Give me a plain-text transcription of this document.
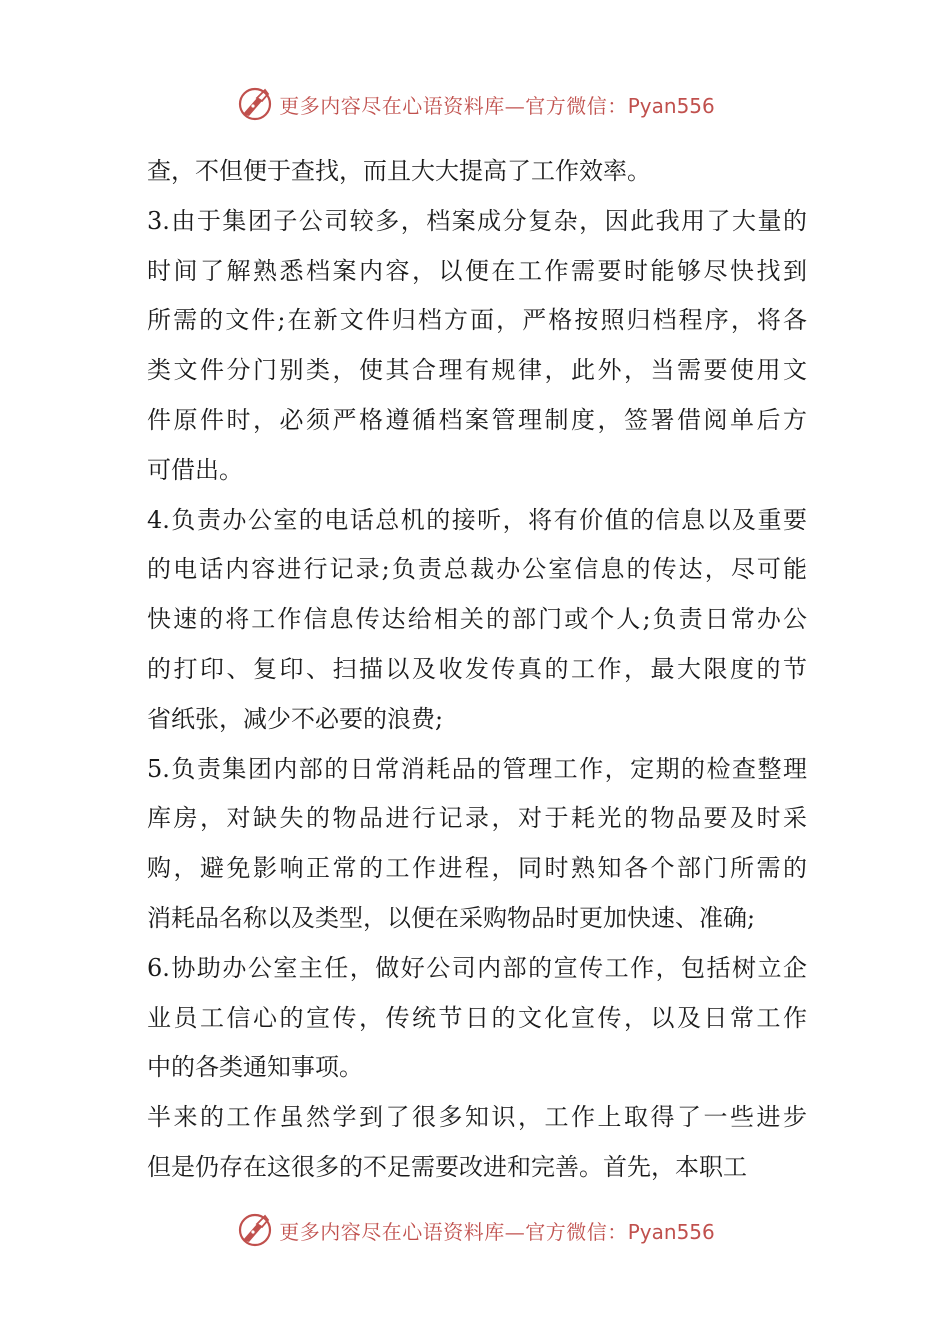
更多内容尽在心语资料库—官方微信：Pyan556
查，不但便于查找，而且大大提高了工作效率。
3.由于集团子公司较多，档案成分复杂，因此我用了大量的
时间了解熟悉档案内容，以便在工作需要时能够尽快找到
所需的文件;在新文件归档方面，严格按照归档程序，将各
类文件分门别类，使其合理有规律，此外，当需要使用文
件原件时，必须严格遵循档案管理制度，签署借阅单后方
可借出。
4.负责办公室的电话总机的接听，将有价值的信息以及重要
的电话内容进行记录;负责总裁办公室信息的传达，尽可能
快速的将工作信息传达给相关的部门或个人;负责日常办公
的打印、复印、扫描以及收发传真的工作，最大限度的节
省纸张，减少不必要的浪费;
5.负责集团内部的日常消耗品的管理工作，定期的检查整理
库房，对缺失的物品进行记录，对于耗光的物品要及时采
购，避免影响正常的工作进程，同时熟知各个部门所需的
消耗品名称以及类型，以便在采购物品时更加快速、准确;
6.协助办公室主任，做好公司内部的宣传工作，包括树立企
业员工信心的宣传，传统节日的文化宣传，以及日常工作
中的各类通知事项。
半来的工作虽然学到了很多知识，工作上取得了一些进步
但是仍存在这很多的不足需要改进和完善。首先，本职工
更多内容尽在心语资料库—官方微信：Pyan556
